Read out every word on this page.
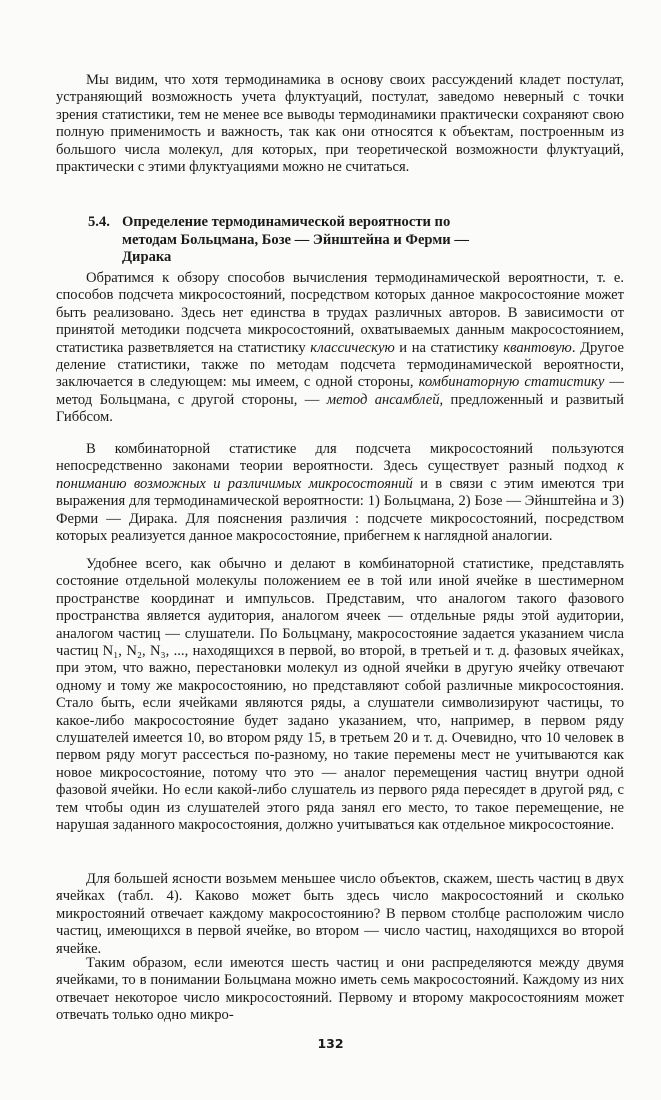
Мы видим, что хотя термодинамика в основу своих рассуждений кладет постулат, устраняющий возможность учета флуктуаций, постулат, заведомо неверный с точки зрения статистики, тем не менее все выводы термодинамики практически сохраняют свою полную применимость и важность, так как они относятся к объектам, построенным из большого числа молекул, для которых, при теоретической возможности флуктуаций, практически с этими флуктуациями можно не считаться.

5.4. Определение термодинамической вероятности по методам Больцмана, Бозе — Эйнштейна и Ферми — Дирака

Обратимся к обзору способов вычисления термодинамической вероятности, т. е. способов подсчета микросостояний, посредством которых данное макросостояние может быть реализовано. Здесь нет единства в трудах различных авторов. В зависимости от принятой методики подсчета микросостояний, охватываемых данным макросостоянием, статистика разветвляется на статистику классическую и на статистику квантовую. Другое деление статистики, также по методам подсчета термодинамической вероятности, заключается в следующем: мы имеем, с одной стороны, комбинаторную статистику — метод Больцмана, с другой стороны, — метод ансамблей, предложенный и развитый Гиббсом.

В комбинаторной статистике для подсчета микросостояний пользуются непосредственно законами теории вероятности. Здесь существует разный подход к пониманию возможных и различимых микросостояний и в связи с этим имеются три выражения для термодинамической вероятности: 1) Больцмана, 2) Бозе — Эйнштейна и 3) Ферми — Дирака. Для пояснения различия : подсчете микросостояний, посредством которых реализуется данное макросостояние, прибегнем к наглядной аналогии.

Удобнее всего, как обычно и делают в комбинаторной статистике, представлять состояние отдельной молекулы положением ее в той или иной ячейке в шестимерном пространстве координат и импульсов. Представим, что аналогом такого фазового пространства является аудитория, аналогом ячеек — отдельные ряды этой аудитории, аналогом частиц — слушатели. По Больцману, макросостояние задается указанием числа частиц N₁, N₂, N₃, ..., находящихся в первой, во второй, в третьей и т. д. фазовых ячейках, при этом, что важно, перестановки молекул из одной ячейки в другую ячейку отвечают одному и тому же макросостоянию, но представляют собой различные микросостояния. Стало быть, если ячейками являются ряды, а слушатели символизируют частицы, то какое-либо макросостояние будет задано указанием, что, например, в первом ряду слушателей имеется 10, во втором ряду 15, в третьем 20 и т. д. Очевидно, что 10 человек в первом ряду могут рассесться по-разному, но такие перемены мест не учитываются как новое микросостояние, потому что это — аналог перемещения частиц внутри одной фазовой ячейки. Но если какой-либо слушатель из первого ряда пересядет в другой ряд, с тем чтобы один из слушателей этого ряда занял его место, то такое перемещение, не нарушая заданного макросостояния, должно учитываться как отдельное микросостояние.

Для большей ясности возьмем меньшее число объектов, скажем, шесть частиц в двух ячейках (табл. 4). Каково может быть здесь число макросостояний и сколько микростояний отвечает каждому макросостоянию? В первом столбце расположим число частиц, имеющихся в первой ячейке, во втором — число частиц, находящихся во второй ячейке.

Таким образом, если имеются шесть частиц и они распределяются между двумя ячейками, то в понимании Больцмана можно иметь семь макросостояний. Каждому из них отвечает некоторое число микросостояний. Первому и второму макросостояниям может отвечать только одно микро-

132
